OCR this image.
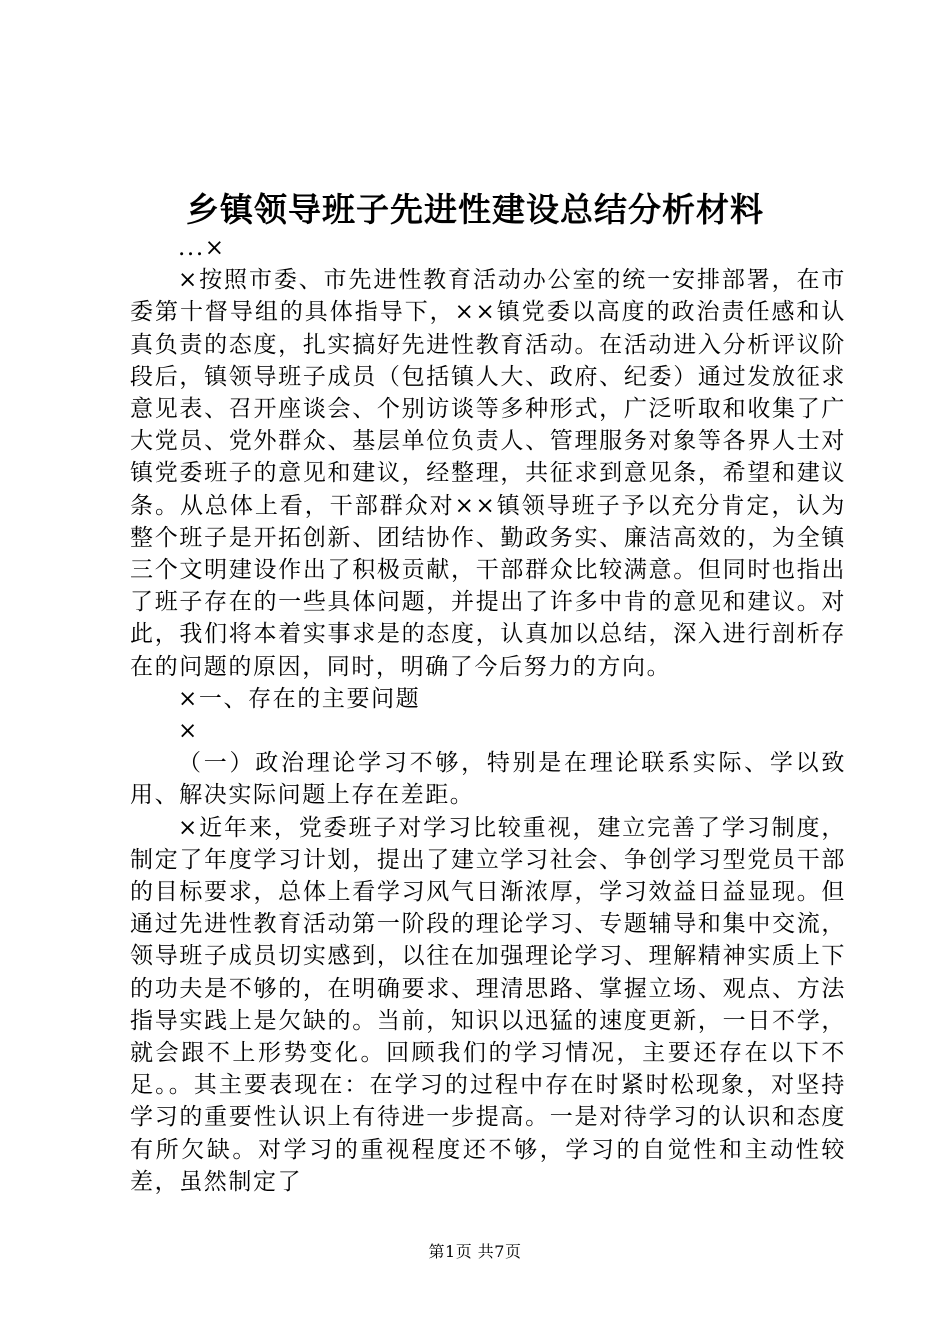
乡镇领导班子先进性建设总结分析材料

...×

×按照市委、市先进性教育活动办公室的统一安排部署，在市委第十督导组的具体指导下，××镇党委以高度的政治责任感和认真负责的态度，扎实搞好先进性教育活动。在活动进入分析评议阶段后，镇领导班子成员（包括镇人大、政府、纪委）通过发放征求意见表、召开座谈会、个别访谈等多种形式，广泛听取和收集了广大党员、党外群众、基层单位负责人、管理服务对象等各界人士对镇党委班子的意见和建议，经整理，共征求到意见条，希望和建议条。从总体上看，干部群众对××镇领导班子予以充分肯定，认为整个班子是开拓创新、团结协作、勤政务实、廉洁高效的，为全镇三个文明建设作出了积极贡献，干部群众比较满意。但同时也指出了班子存在的一些具体问题，并提出了许多中肯的意见和建议。对此，我们将本着实事求是的态度，认真加以总结，深入进行剖析存在的问题的原因，同时，明确了今后努力的方向。

×一、存在的主要问题

×

（一）政治理论学习不够，特别是在理论联系实际、学以致用、解决实际问题上存在差距。

×近年来，党委班子对学习比较重视，建立完善了学习制度，制定了年度学习计划，提出了建立学习社会、争创学习型党员干部的目标要求，总体上看学习风气日渐浓厚，学习效益日益显现。但通过先进性教育活动第一阶段的理论学习、专题辅导和集中交流，领导班子成员切实感到，以往在加强理论学习、理解精神实质上下的功夫是不够的，在明确要求、理清思路、掌握立场、观点、方法指导实践上是欠缺的。当前，知识以迅猛的速度更新，一日不学，就会跟不上形势变化。回顾我们的学习情况，主要还存在以下不足。。其主要表现在：在学习的过程中存在时紧时松现象，对坚持学习的重要性认识上有待进一步提高。一是对待学习的认识和态度有所欠缺。对学习的重视程度还不够，学习的自觉性和主动性较差，虽然制定了

第1页 共7页
